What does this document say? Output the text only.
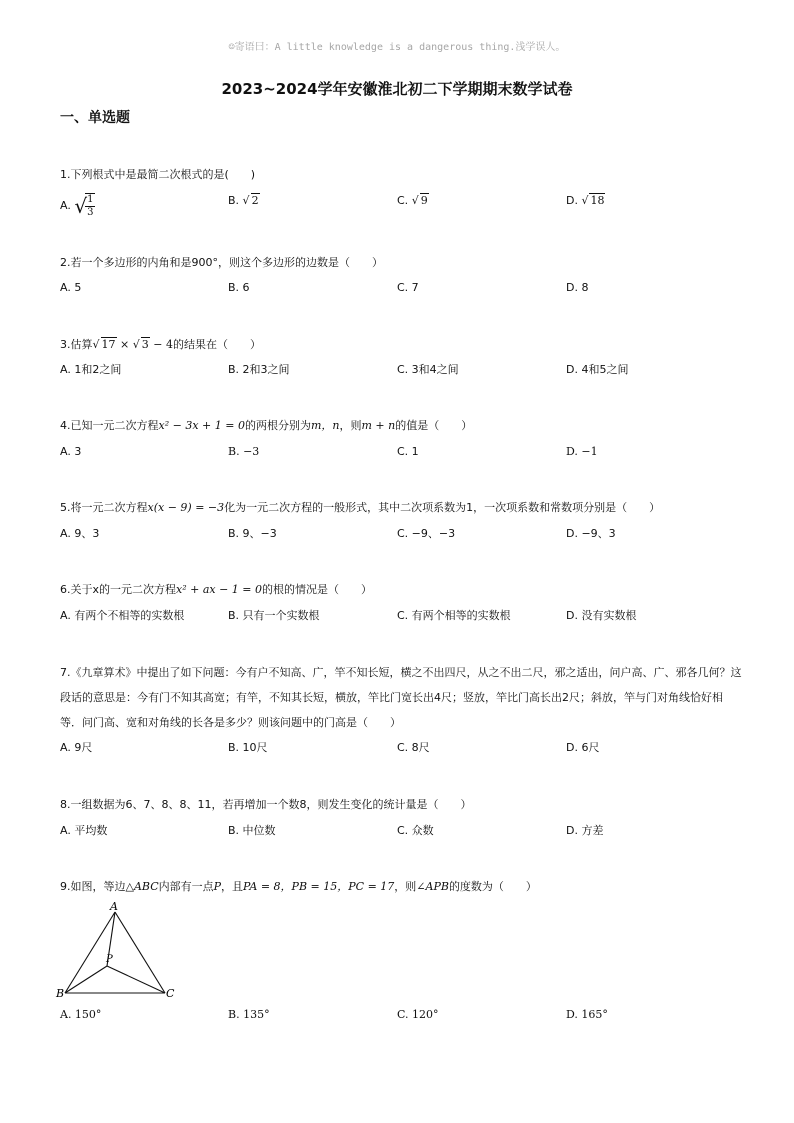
☺寄语曰：A little knowledge is a dangerous thing.浅学误人。
2023~2024学年安徽淮北初二下学期期末数学试卷
一、单选题
1.下列根式中是最简二次根式的是(　　)
A. √
$\frac{1}{3}$	B. √ 2	C. √ 9	D. √ 18
2.若一个多边形的内角和是900°，则这个多边形的边数是（　　）
A. 5	B. 6	C. 7	D. 8
3.估算√ 17 × √ 3 − 4的结果在（　　）
A. 1和2之间	B. 2和3之间	C. 3和4之间	D. 4和5之间
4.已知一元二次方程x² − 3x + 1 = 0的两根分别为m，n，则m + n的值是（　　）
A. 3	B. −3	C. 1	D. −1
5.将一元二次方程x(x − 9) = −3化为一元二次方程的一般形式，其中二次项系数为1，一次项系数和常数项分别是（　　）
A. 9、3	B. 9、−3	C. −9、−3	D. −9、3
6.关于x的一元二次方程x² + ax − 1 = 0的根的情况是（　　）
A. 有两个不相等的实数根	B. 只有一个实数根	C. 有两个相等的实数根	D. 没有实数根
7.《九章算术》中提出了如下问题：今有户不知高、广，竿不知长短，横之不出四尺，从之不出二尺，邪之适出，问户高、广、邪各几何？这段话的意思是：今有门不知其高宽；有竿，不知其长短，横放，竿比门宽长出4尺；竖放，竿比门高长出2尺；斜放，竿与门对角线恰好相等．问门高、宽和对角线的长各是多少？则该问题中的门高是（　　）
A. 9尺	B. 10尺	C. 8尺	D. 6尺
8.一组数据为6、7、8、8、11，若再增加一个数8，则发生变化的统计量是（　　）
A. 平均数	B. 中位数	C. 众数	D. 方差
9.如图，等边△ABC内部有一点P，且PA = 8，PB = 15，PC = 17，则∠APB的度数为（　　）
A
B	C
P
A. 150°	B. 135°	C. 120°	D. 165°
